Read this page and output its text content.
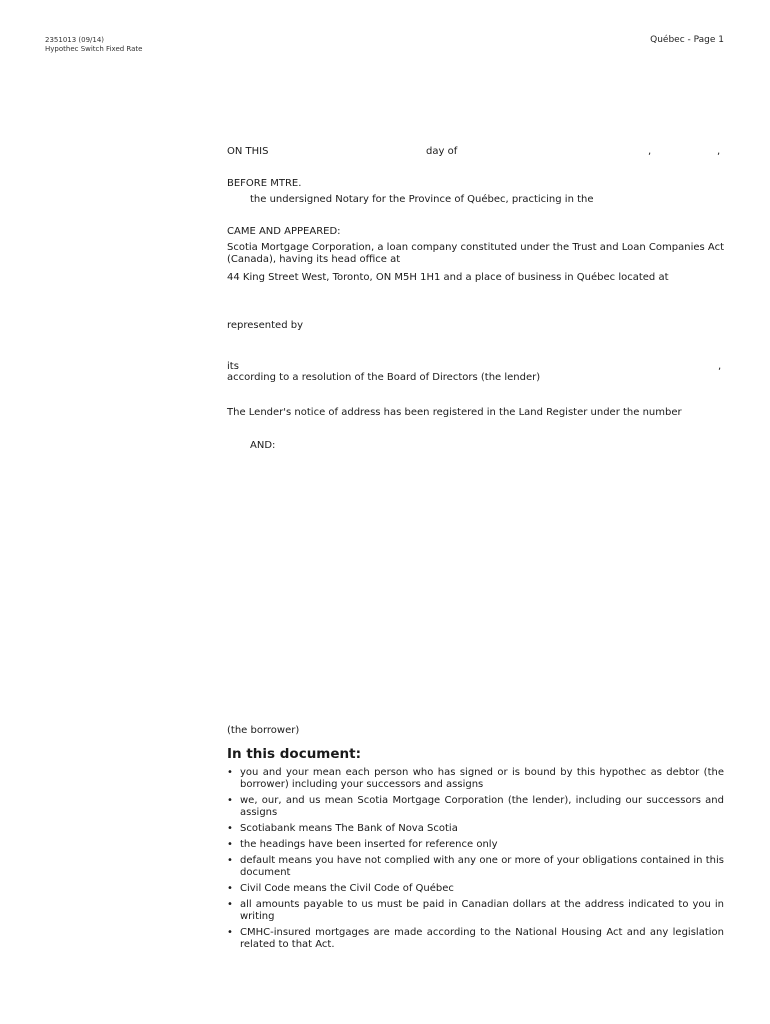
2351013 (09/14)
Hypothec Switch Fixed Rate
Québec - Page 1
ON THIS	day of	,	,
BEFORE MTRE.
the undersigned Notary for the Province of Québec, practicing in the
CAME AND APPEARED:
Scotia Mortgage Corporation, a loan company constituted under the Trust and Loan Companies Act (Canada), having its head office at
44 King Street West, Toronto, ON M5H 1H1 and a place of business in Québec located at
represented by
its	,
according to a resolution of the Board of Directors (the lender)
The Lender's notice of address has been registered in the Land Register under the number
AND:
(the borrower)
In this document:
• you and your mean each person who has signed or is bound by this hypothec as debtor (the borrower) including your successors and assigns
• we, our, and us mean Scotia Mortgage Corporation (the lender), including our successors and assigns
• Scotiabank means The Bank of Nova Scotia
• the headings have been inserted for reference only
• default means you have not complied with any one or more of your obligations contained in this document
• Civil Code means the Civil Code of Québec
• all amounts payable to us must be paid in Canadian dollars at the address indicated to you in writing
• CMHC-insured mortgages are made according to the National Housing Act and any legislation related to that Act.
